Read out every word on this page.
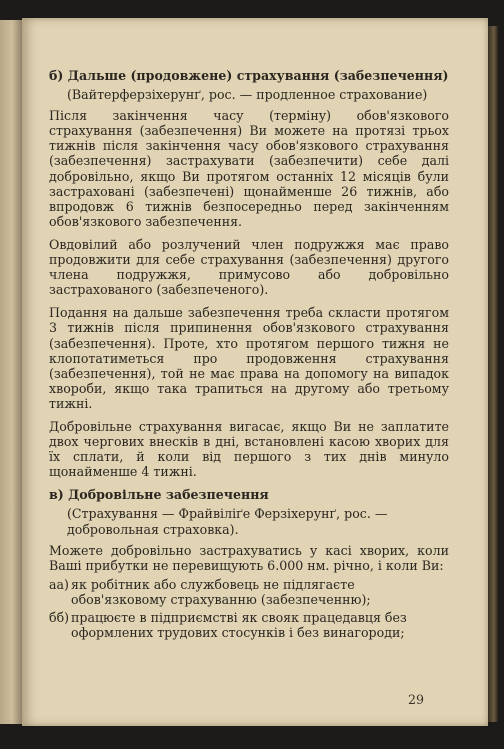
б) Дальше (продовжене) страхування (забезпечення)
(Вайтерферзіхерунґ, рос. — продленное страхование)
Після закінчення часу (терміну) обов'язкового страхування (забезпечення) Ви можете на протязі трьох тижнів після закінчення часу обов'язкового страхування (забезпечення) застрахувати (забезпечити) себе далі добровільно, якщо Ви протягом останніх 12 місяців були застраховані (забезпечені) щонайменше 26 тижнів, або впродовж 6 тижнів безпосередньо перед закінченням обов'язкового забезпечення.
Овдовілий або розлучений член подружжя має право продовжити для себе страхування (забезпечення) другого члена подружжя, примусово або добровільно застрахованого (забезпеченого).
Подання на дальше забезпечення треба скласти протягом 3 тижнів після припинення обов'язкового страхування (забезпечення). Проте, хто протягом першого тижня не клопотатиметься про продовження страхування (забезпечення), той не має права на допомогу на випадок хвороби, якщо така трапиться на другому або третьому тижні.
Добровільне страхування вигасає, якщо Ви не заплатите двох чергових внесків в дні, встановлені касою хворих для їх сплати, й коли від першого з тих днів минуло щонайменше 4 тижні.
в) Добровільне забезпечення
(Страхування — Фрайвіліґе Ферзіхерунґ, рос. — добровольная страховка).
Можете добровільно застрахуватись у касі хворих, коли Ваші прибутки не перевищують 6.000 нм. річно, і коли Ви:
аа) як робітник або службовець не підлягаєте обов'язковому страхуванню (забезпеченню);
бб) працюєте в підприємстві як свояк працедавця без оформлених трудових стосунків і без винагороди;
29
